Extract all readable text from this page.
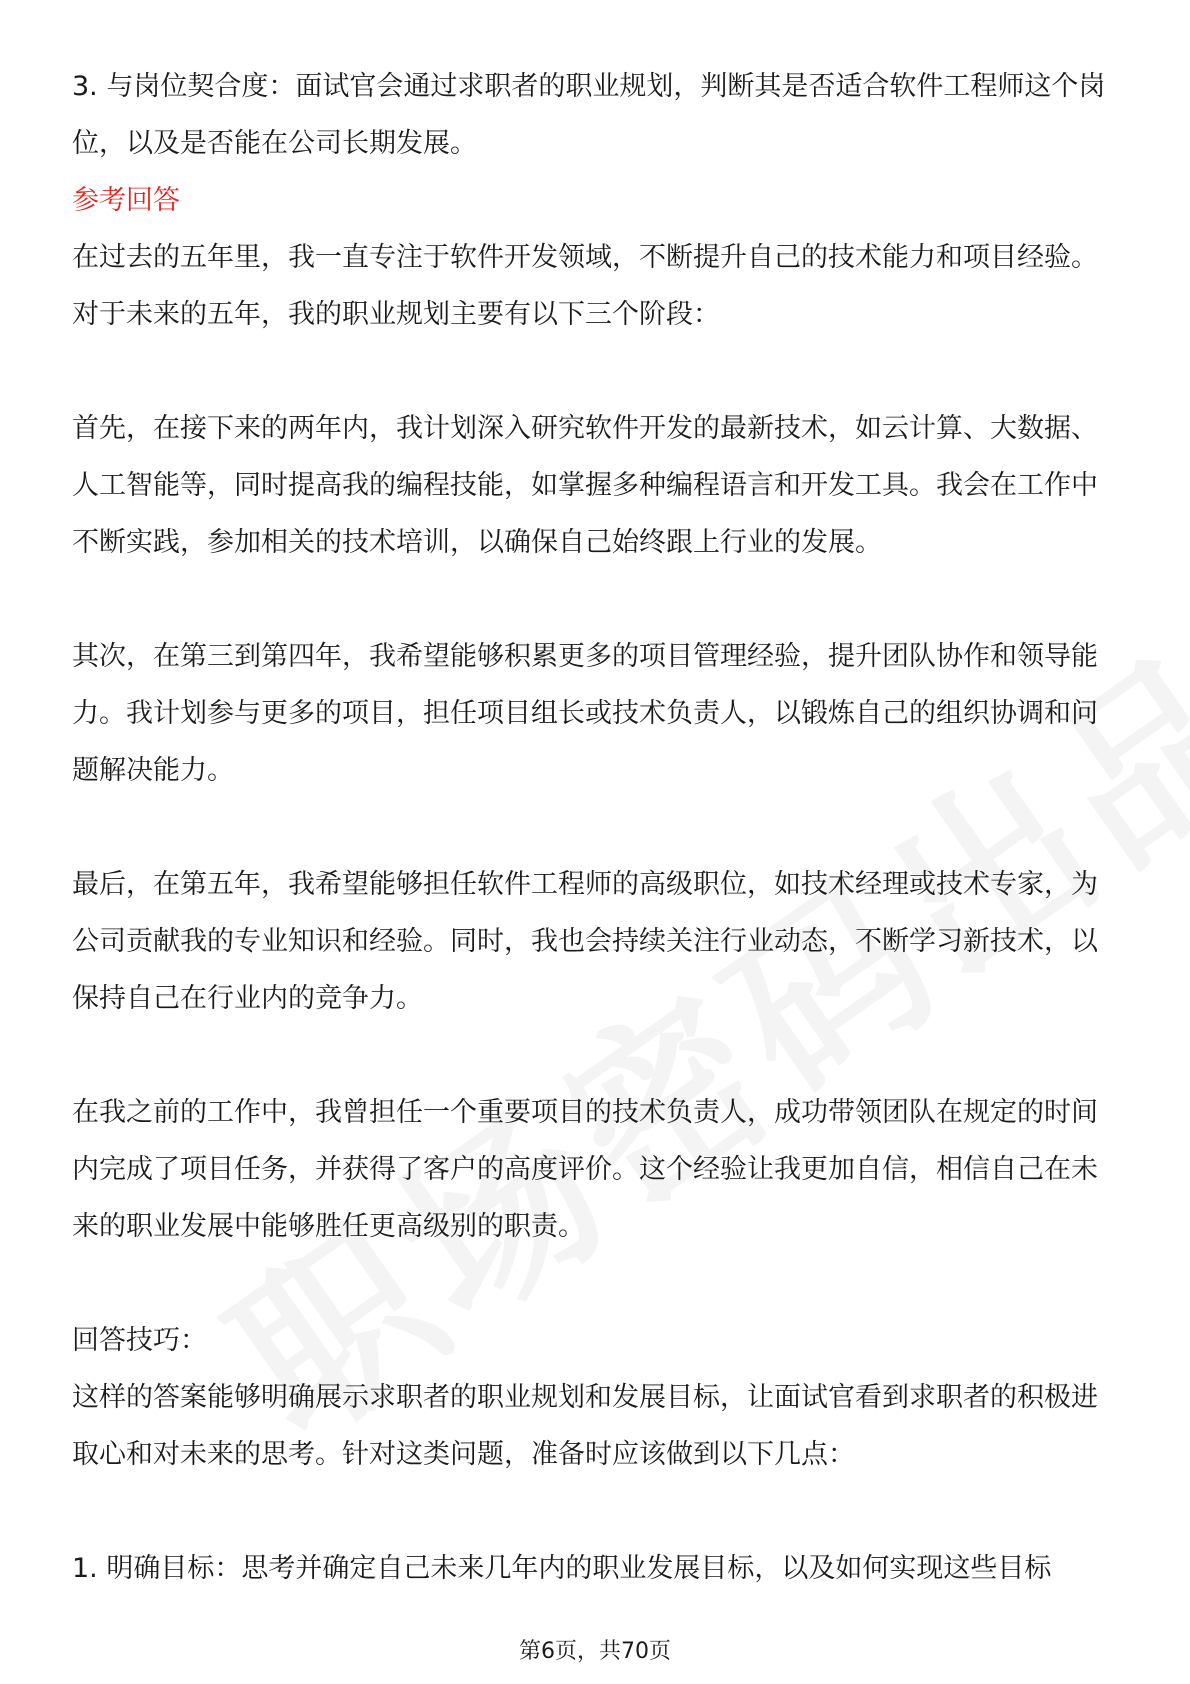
3. 与岗位契合度：面试官会通过求职者的职业规划，判断其是否适合软件工程师这个岗位，以及是否能在公司长期发展。

参考回答

在过去的五年里，我一直专注于软件开发领域，不断提升自己的技术能力和项目经验。对于未来的五年，我的职业规划主要有以下三个阶段：

首先，在接下来的两年内，我计划深入研究软件开发的最新技术，如云计算、大数据、人工智能等，同时提高我的编程技能，如掌握多种编程语言和开发工具。我会在工作中不断实践，参加相关的技术培训，以确保自己始终跟上行业的发展。

其次，在第三到第四年，我希望能够积累更多的项目管理经验，提升团队协作和领导能力。我计划参与更多的项目，担任项目组长或技术负责人，以锻炼自己的组织协调和问题解决能力。

最后，在第五年，我希望能够担任软件工程师的高级职位，如技术经理或技术专家，为公司贡献我的专业知识和经验。同时，我也会持续关注行业动态，不断学习新技术，以保持自己在行业内的竞争力。

在我之前的工作中，我曾担任一个重要项目的技术负责人，成功带领团队在规定的时间内完成了项目任务，并获得了客户的高度评价。这个经验让我更加自信，相信自己在未来的职业发展中能够胜任更高级别的职责。

回答技巧：

这样的答案能够明确展示求职者的职业规划和发展目标，让面试官看到求职者的积极进取心和对未来的思考。针对这类问题，准备时应该做到以下几点：

1. 明确目标：思考并确定自己未来几年内的职业发展目标，以及如何实现这些目标

第6页，共70页
